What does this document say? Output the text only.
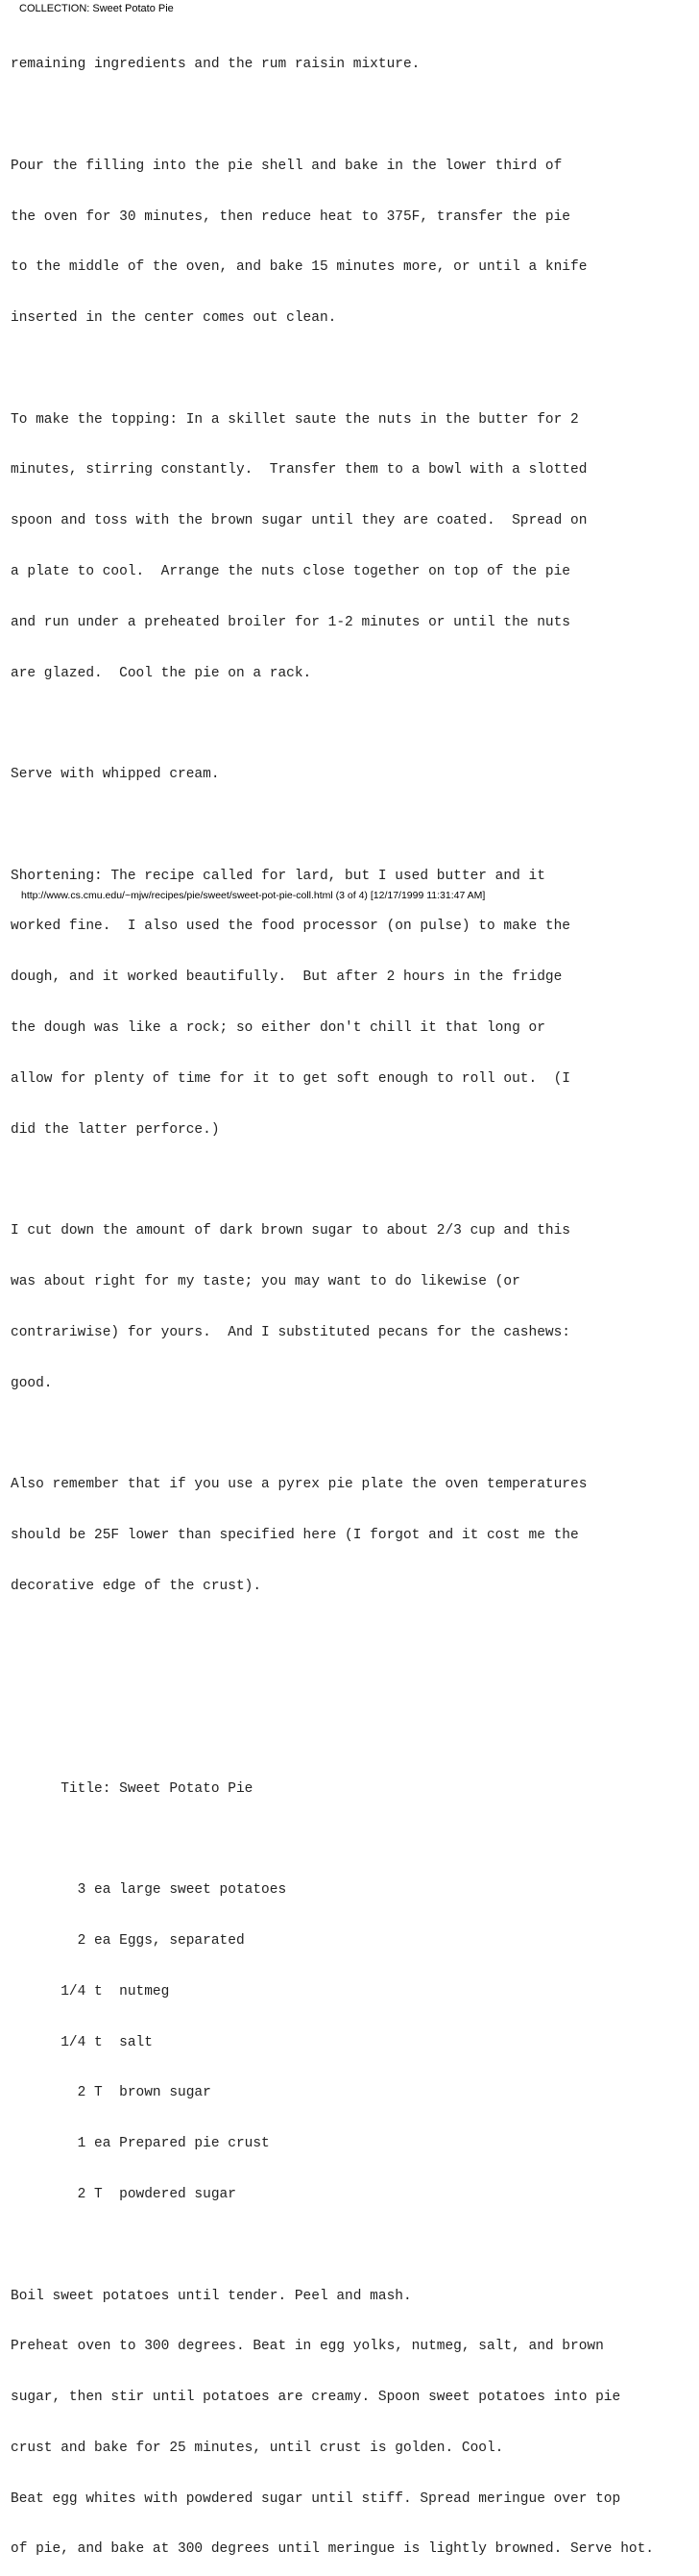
COLLECTION: Sweet Potato Pie

remaining ingredients and the rum raisin mixture.

Pour the filling into the pie shell and bake in the lower third of

the oven for 30 minutes, then reduce heat to 375F, transfer the pie

to the middle of the oven, and bake 15 minutes more, or until a knife

inserted in the center comes out clean.

To make the topping: In a skillet saute the nuts in the butter for 2

minutes, stirring constantly.  Transfer them to a bowl with a slotted

spoon and toss with the brown sugar until they are coated.  Spread on

a plate to cool.  Arrange the nuts close together on top of the pie

and run under a preheated broiler for 1-2 minutes or until the nuts

are glazed.  Cool the pie on a rack.

Serve with whipped cream.

Shortening: The recipe called for lard, but I used butter and it

worked fine.  I also used the food processor (on pulse) to make the

dough, and it worked beautifully.  But after 2 hours in the fridge

the dough was like a rock; so either don't chill it that long or

allow for plenty of time for it to get soft enough to roll out.  (I

did the latter perforce.)

I cut down the amount of dark brown sugar to about 2/3 cup and this

was about right for my taste; you may want to do likewise (or

contrariwise) for yours.  And I substituted pecans for the cashews:

good.

Also remember that if you use a pyrex pie plate the oven temperatures

should be 25F lower than specified here (I forgot and it cost me the

decorative edge of the crust).

Title: Sweet Potato Pie

3 ea large sweet potatoes

2 ea Eggs, separated

1/4 t  nutmeg

1/4 t  salt

2 T  brown sugar

1 ea Prepared pie crust

2 T  powdered sugar

Boil sweet potatoes until tender. Peel and mash.

Preheat oven to 300 degrees. Beat in egg yolks, nutmeg, salt, and brown

sugar, then stir until potatoes are creamy. Spoon sweet potatoes into pie

crust and bake for 25 minutes, until crust is golden. Cool.

Beat egg whites with powdered sugar until stiff. Spread meringue over top

of pie, and bake at 300 degrees until meringue is lightly browned. Serve hot.

http://www.cs.cmu.edu/~mjw/recipes/pie/sweet/sweet-pot-pie-coll.html (3 of 4) [12/17/1999 11:31:47 AM]
